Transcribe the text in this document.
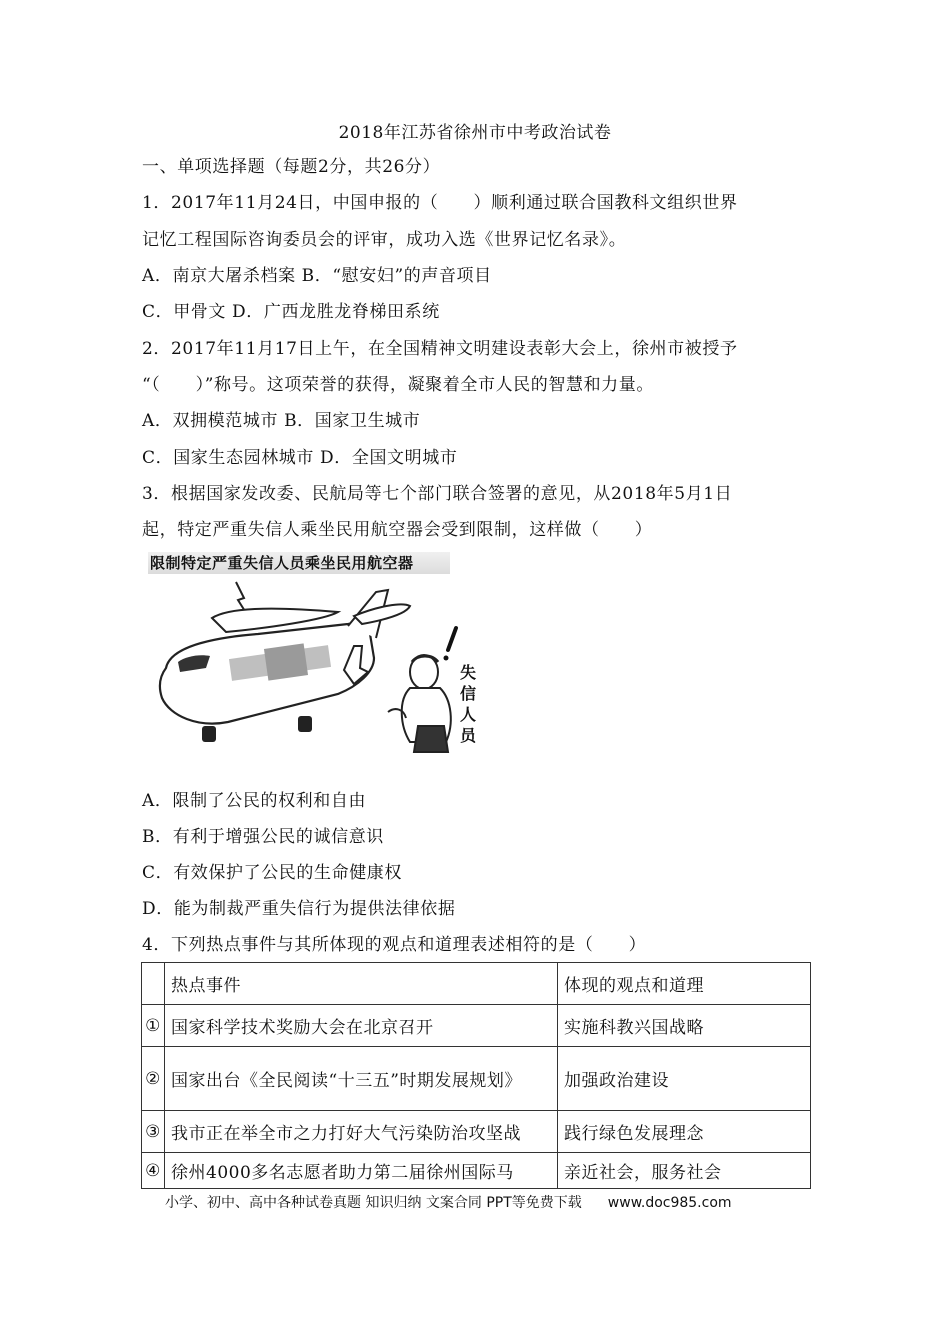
2018年江苏省徐州市中考政治试卷
一、单项选择题（每题2分，共26分）
1．2017年11月24日，中国申报的（　　）顺利通过联合国教科文组织世界
记忆工程国际咨询委员会的评审，成功入选《世界记忆名录》。
A．南京大屠杀档案 B．“慰安妇”的声音项目
C．甲骨文 D．广西龙胜龙脊梯田系统
2．2017年11月17日上午，在全国精神文明建设表彰大会上，徐州市被授予
“（　　）”称号。这项荣誉的获得，凝聚着全市人民的智慧和力量。
A．双拥模范城市 B．国家卫生城市
C．国家生态园林城市 D．全国文明城市
3．根据国家发改委、民航局等七个部门联合签署的意见，从2018年5月1日
起，特定严重失信人乘坐民用航空器会受到限制，这样做（　　）
限制特定严重失信人员乘坐民用航空器
失
信
人
员
A．限制了公民的权利和自由
B．有利于增强公民的诚信意识
C．有效保护了公民的生命健康权
D．能为制裁严重失信行为提供法律依据
4．下列热点事件与其所体现的观点和道理表述相符的是（　　）
	热点事件	体现的观点和道理
①	国家科学技术奖励大会在北京召开	实施科教兴国战略
②	国家出台《全民阅读“十三五”时期发展规划》	加强政治建设
③	我市正在举全市之力打好大气污染防治攻坚战	践行绿色发展理念
④	徐州4000多名志愿者助力第二届徐州国际马	亲近社会，服务社会
小学、初中、高中各种试卷真题 知识归纳 文案合同 PPT等免费下载 www.doc985.com
